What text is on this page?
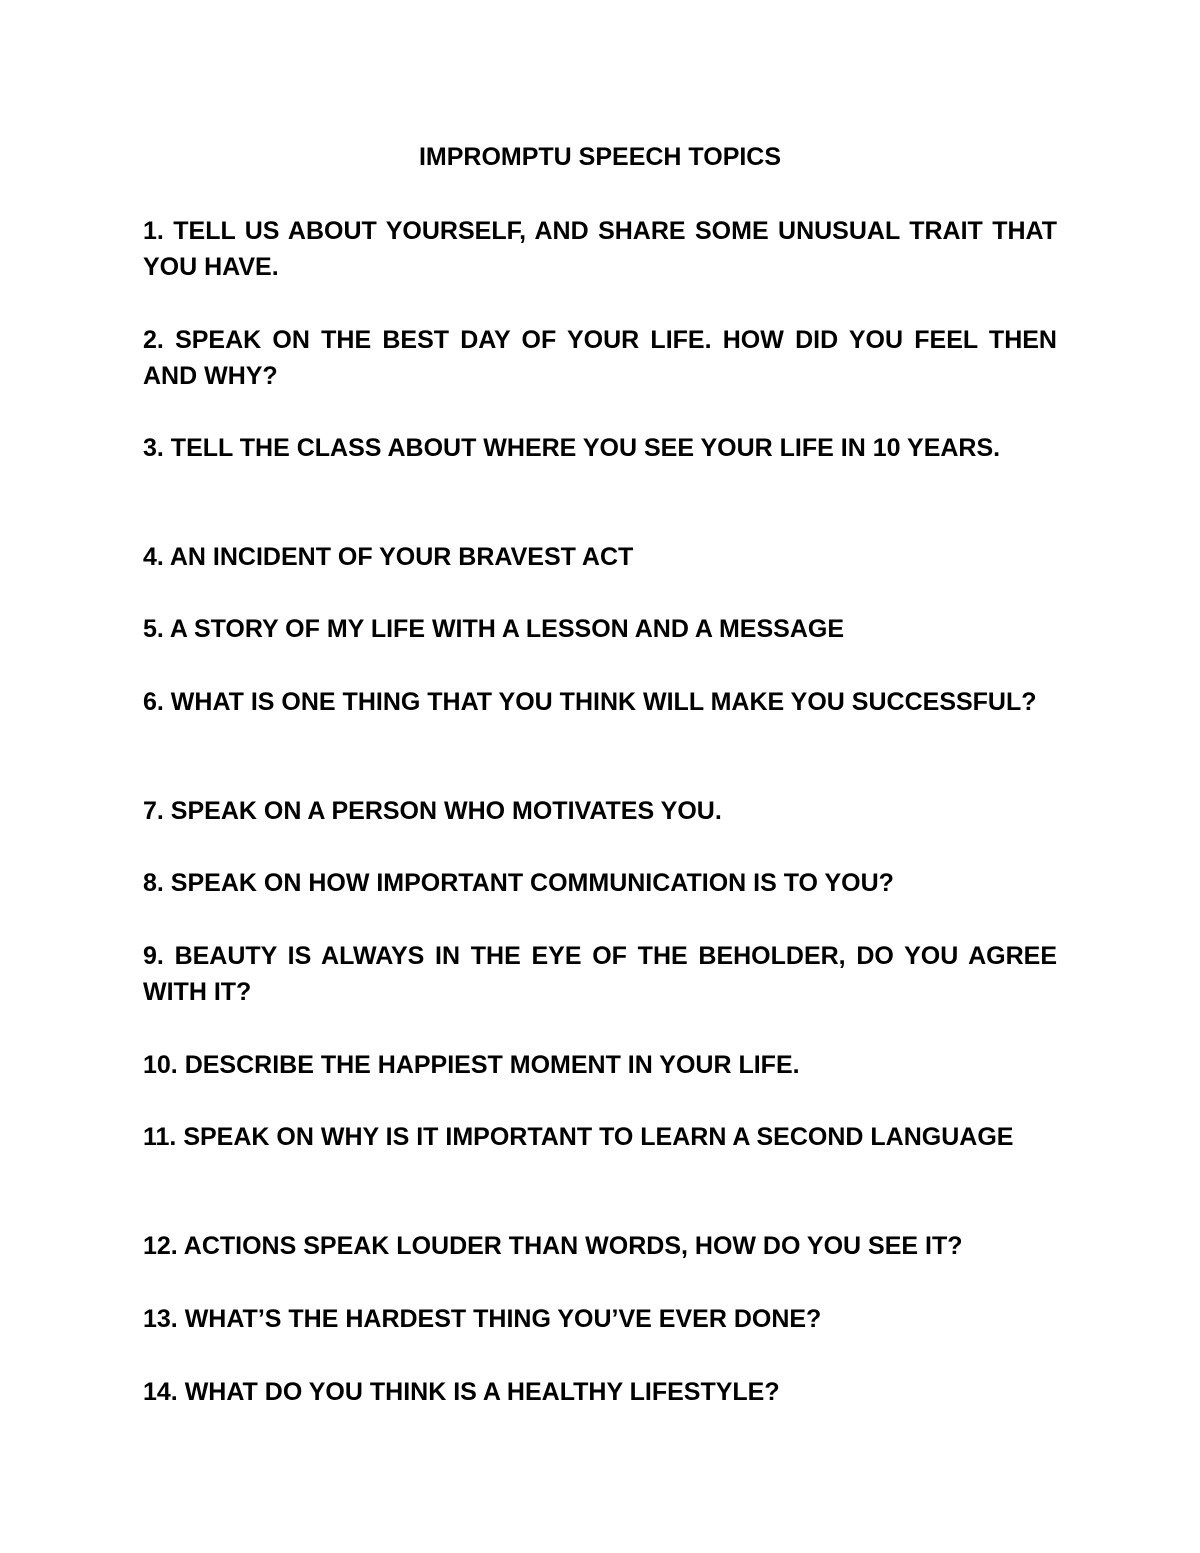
IMPROMPTU SPEECH TOPICS
1. TELL US ABOUT YOURSELF, AND SHARE SOME UNUSUAL TRAIT THAT YOU HAVE.
2. SPEAK ON THE BEST DAY OF YOUR LIFE. HOW DID YOU FEEL THEN AND WHY?
3. TELL THE CLASS ABOUT WHERE YOU SEE YOUR LIFE IN 10 YEARS.
4. AN INCIDENT OF YOUR BRAVEST ACT
5. A STORY OF MY LIFE WITH A LESSON AND A MESSAGE
6. WHAT IS ONE THING THAT YOU THINK WILL MAKE YOU SUCCESSFUL?
7. SPEAK ON A PERSON WHO MOTIVATES YOU.
8. SPEAK ON HOW IMPORTANT COMMUNICATION IS TO YOU?
9. BEAUTY IS ALWAYS IN THE EYE OF THE BEHOLDER, DO YOU AGREE WITH IT?
10. DESCRIBE THE HAPPIEST MOMENT IN YOUR LIFE.
11. SPEAK ON WHY IS IT IMPORTANT TO LEARN A SECOND LANGUAGE
12. ACTIONS SPEAK LOUDER THAN WORDS, HOW DO YOU SEE IT?
13. WHAT’S THE HARDEST THING YOU’VE EVER DONE?
14. WHAT DO YOU THINK IS A HEALTHY LIFESTYLE?
